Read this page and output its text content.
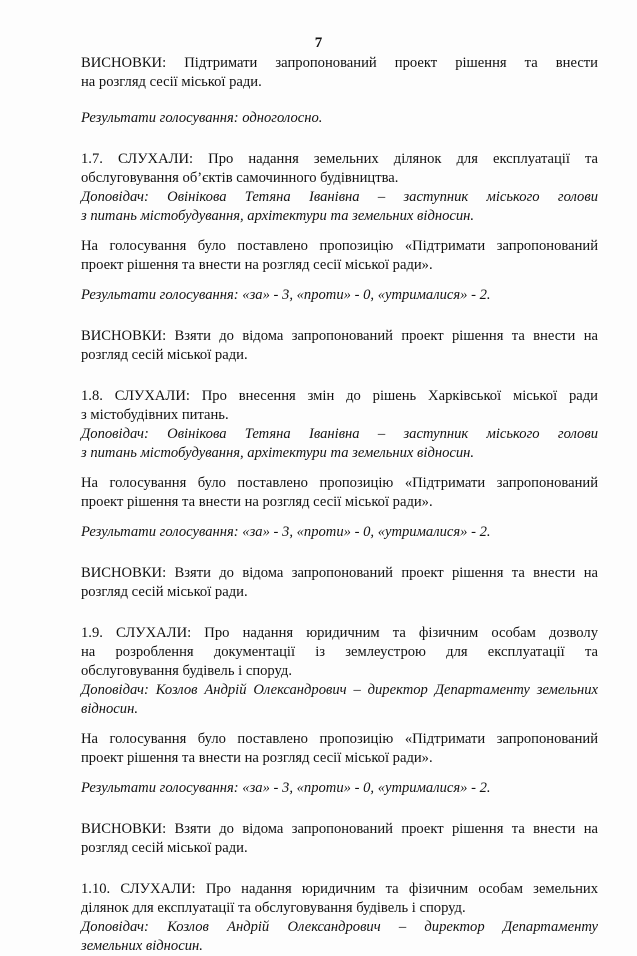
7
ВИСНОВКИ: Підтримати запропонований проект рішення та внести
на розгляд сесії міської ради.
Результати голосування: одноголосно.
1.7. СЛУХАЛИ: Про надання земельних ділянок для експлуатації та
обслуговування об’єктів самочинного будівництва.
Доповідач: Овінікова Тетяна Іванівна – заступник міського голови
з питань містобудування, архітектури та земельних відносин.
На голосування було поставлено пропозицію «Підтримати запропонований
проект рішення та внести на розгляд сесії міської ради».
Результати голосування: «за» - 3, «проти» - 0, «утрималися» - 2.
ВИСНОВКИ: Взяти до відома запропонований проект рішення та внести на
розгляд сесій міської ради.
1.8. СЛУХАЛИ: Про внесення змін до рішень Харківської міської ради
з містобудівних питань.
Доповідач: Овінікова Тетяна Іванівна – заступник міського голови
з питань містобудування, архітектури та земельних відносин.
На голосування було поставлено пропозицію «Підтримати запропонований
проект рішення та внести на розгляд сесії міської ради».
Результати голосування: «за» - 3, «проти» - 0, «утрималися» - 2.
ВИСНОВКИ: Взяти до відома запропонований проект рішення та внести на
розгляд сесій міської ради.
1.9. СЛУХАЛИ: Про надання юридичним та фізичним особам дозволу
на розроблення документації із землеустрою для експлуатації та
обслуговування будівель і споруд.
Доповідач: Козлов Андрій Олександрович – директор Департаменту земельних
відносин.
На голосування було поставлено пропозицію «Підтримати запропонований
проект рішення та внести на розгляд сесії міської ради».
Результати голосування: «за» - 3, «проти» - 0, «утрималися» - 2.
ВИСНОВКИ: Взяти до відома запропонований проект рішення та внести на
розгляд сесій міської ради.
1.10. СЛУХАЛИ: Про надання юридичним та фізичним особам земельних
ділянок для експлуатації та обслуговування будівель і споруд.
Доповідач: Козлов Андрій Олександрович – директор Департаменту
земельних відносин.
